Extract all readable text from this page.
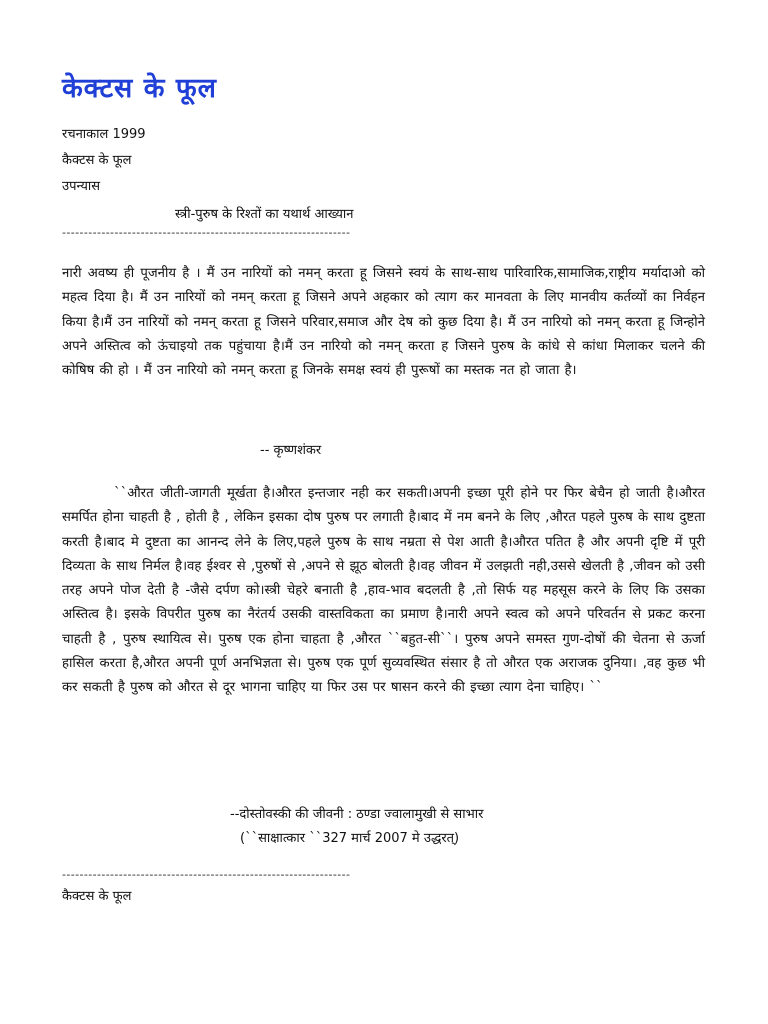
केक्टस के फूल
रचनाकाल 1999
कैक्टस के फूल
उपन्यास
स्त्री-पुरुष के रिश्तों का यथार्थ आख्यान
------------------------------------------------------------------
नारी अवष्य ही पूजनीय है । मैं उन नारियों को नमन् करता हू जिसने स्वयं के साथ-साथ पारिवारिक,सामाजिक,राष्ट्रीय मर्यादाओ को महत्व दिया है। मैं उन नारियों को नमन् करता हू जिसने अपने अहकार को त्याग कर मानवता के लिए मानवीय कर्तव्यों का निर्वहन किया है।मैं उन नारियों को नमन् करता हू जिसने परिवार,समाज और देष को कुछ दिया है। मैं उन नारियो को नमन् करता हू जिन्होने अपने अस्तित्व को ऊंचाइयो तक पहुंचाया है।मैं उन नारियो को नमन् करता ह जिसने पुरुष के कांधे से कांधा मिलाकर चलने की कोषिष की हो । मैं उन नारियो को नमन् करता हू जिनके समक्ष स्वयं ही पुरूषों का मस्तक नत हो जाता है।
-- कृष्णशंकर
``औरत जीती-जागती मूर्खता है।औरत इन्तजार नही कर सकती।अपनी इच्छा पूरी होने पर फिर बेचैन हो जाती है।औरत समर्पित होना चाहती है , होती है , लेकिन इसका दोष पुरुष पर लगाती है।बाद में नम बनने के लिए ,औरत पहले पुरुष के साथ दुष्टता करती है।बाद मे दुष्टता का आनन्द लेने के लिए,पहले पुरुष के साथ नम्रता से पेश आती है।औरत पतित है और अपनी दृष्टि में पूरी दिव्यता के साथ निर्मल है।वह ईश्वर से ,पुरुषों से ,अपने से झूठ बोलती है।वह जीवन में उलझती नही,उससे खेलती है ,जीवन को उसी तरह अपने पोज देती है -जैसे दर्पण को।स्त्री चेहरे बनाती है ,हाव-भाव बदलती है ,तो सिर्फ यह महसूस करने के लिए कि उसका अस्तित्व है। इसके विपरीत पुरुष का नैरंतर्य उसकी वास्तविकता का प्रमाण है।नारी अपने स्वत्व को अपने परिवर्तन से प्रकट करना चाहती है , पुरुष स्थायित्व से। पुरुष एक होना चाहता है ,औरत ``बहुत-सी``। पुरुष अपने समस्त गुण-दोषों की चेतना से ऊर्जा हासिल करता है,औरत अपनी पूर्ण अनभिज्ञता से। पुरुष एक पूर्ण सुव्यवस्थित संसार है तो औरत एक अराजक दुनिया। ,वह कुछ भी कर सकती है पुरुष को औरत से दूर भागना चाहिए या फिर उस पर षासन करने की इच्छा त्याग देना चाहिए। ``
--दोस्तोवस्की की जीवनी : ठण्डा ज्वालामुखी से साभार
(``साक्षात्कार ``327 मार्च 2007 मे उद्धरत्)
------------------------------------------------------------------
कैक्टस के फूल
